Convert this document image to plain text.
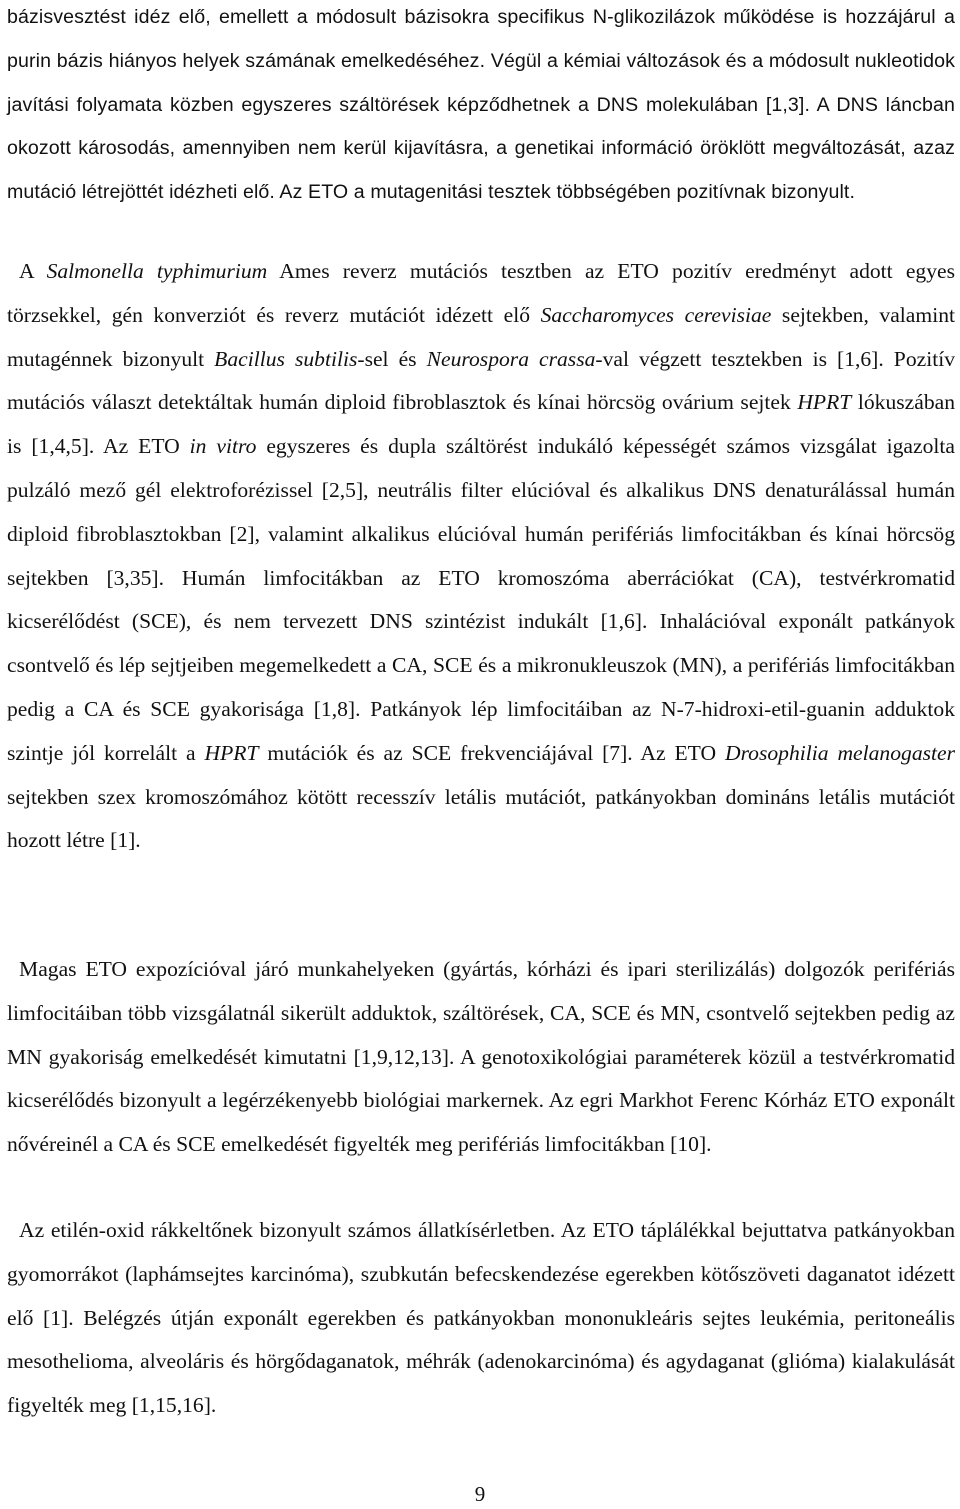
bázisvesztést idéz elő, emellett a módosult bázisokra specifikus N-glikozilázok működése is hozzájárul a purin bázis hiányos helyek számának emelkedéséhez. Végül a kémiai változások és a módosult nukleotidok javítási folyamata közben egyszeres száltörések képződhetnek a DNS molekulában [1,3]. A DNS láncban okozott károsodás, amennyiben nem kerül kijavításra, a genetikai információ öröklött megváltozását, azaz mutáció létrejöttét idézheti elő. Az ETO a mutagenitási tesztek többségében pozitívnak bizonyult.

A Salmonella typhimurium Ames reverz mutációs tesztben az ETO pozitív eredményt adott egyes törzsekkel, gén konverziót és reverz mutációt idézett elő Saccharomyces cerevisiae sejtekben, valamint mutagénnek bizonyult Bacillus subtilis-sel és Neurospora crassa-val végzett tesztekben is [1,6]. Pozitív mutációs választ detektáltak humán diploid fibroblasztok és kínai hörcsög ovárium sejtek HPRT lókuszában is [1,4,5]. Az ETO in vitro egyszeres és dupla száltörést indukáló képességét számos vizsgálat igazolta pulzáló mező gél elektroforézissel [2,5], neutrális filter elúcióval és alkalikus DNS denaturálással humán diploid fibroblasztokban [2], valamint alkalikus elúcióval humán perifériás limfocitákban és kínai hörcsög sejtekben [3,35]. Humán limfocitákban az ETO kromoszóma aberrációkat (CA), testvérkromatid kicserélődést (SCE), és nem tervezett DNS szintézist indukált [1,6]. Inhalációval exponált patkányok csontvelő és lép sejtjeiben megemelkedett a CA, SCE és a mikronukleuszok (MN), a perifériás limfocitákban pedig a CA és SCE gyakorisága [1,8]. Patkányok lép limfocitáiban az N-7-hidroxi-etil-guanin adduktok szintje jól korrelált a HPRT mutációk és az SCE frekvenciájával [7]. Az ETO Drosophilia melanogaster sejtekben szex kromoszómához kötött recesszív letális mutációt, patkányokban domináns letális mutációt hozott létre [1].

Magas ETO expozícióval járó munkahelyeken (gyártás, kórházi és ipari sterilizálás) dolgozók perifériás limfocitáiban több vizsgálatnál sikerült adduktok, száltörések, CA, SCE és MN, csontvelő sejtekben pedig az MN gyakoriság emelkedését kimutatni [1,9,12,13]. A genotoxikológiai paraméterek közül a testvérkromatid kicserélődés bizonyult a legérzékenyebb biológiai markernek. Az egri Markhot Ferenc Kórház ETO exponált nővéreinél a CA és SCE emelkedését figyelték meg perifériás limfocitákban [10].

Az etilén-oxid rákkeltőnek bizonyult számos állatkísérletben. Az ETO táplálékkal bejuttatva patkányokban gyomorrákot (laphámsejtes karcinóma), szubkután befecskendezése egerekben kötőszöveti daganatot idézett elő [1]. Belégzés útján exponált egerekben és patkányokban mononukleáris sejtes leukémia, peritoneális mesothelioma, alveoláris és hörgődaganatok, méhrák (adenokarcinóma) és agydaganat (glióma) kialakulását figyelték meg [1,15,16].

9
